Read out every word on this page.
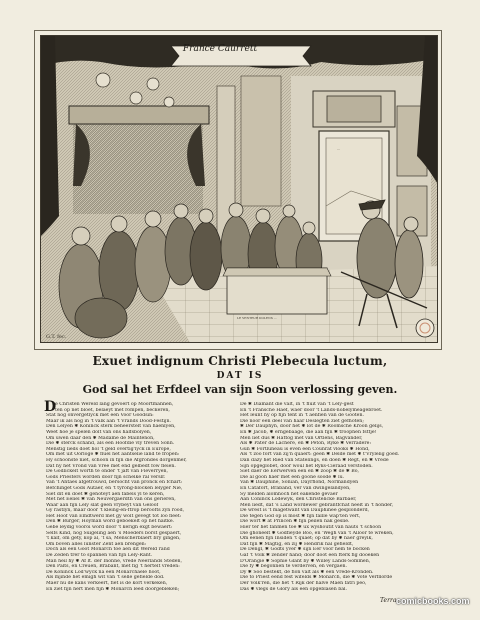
...
LE VENTEUR DOLENS ...
France Caurrett
G.T. fec.
Exuet indignum Christi Plebecula luctum,
DAT IS
God sal het Erfdeel van sijn Soon verlossing geven.
D

e Christen Wereld lang gevoert op Moortmannen,

ten op net bloet, belaeyt met rompen, beckeren,

Stat nog onvergetlyck met een Voor Goodsin:

Maar ik als nog in 't valk aan 't Vrands Dood-Festijn.

Den Lelyen ✱ Koninck sterk beheerstelt van haenlyen,

Weet hoe je spelen dolt van ons halfsbolyen,

Om uwen daar den ✱ Madame de Maintenon,

Die ✱ sterck schand, als een Hoofdie vly treven Sonn.

Menstig lieds doet hol 't geld overtig'lyck in Europe,

Om met uit Oorloge ✱ fluel het aantselie land te fropen:

Hy schoonste niet, schoon in fijn die Afgrondes dorgenmer,

Dat hy het Vrond van Vree met end gelbedt fow fleien.

De Godlickelt worth te onder 't jaft van Fleverryen,

Gods Priesters worden door fijn schelke ral verslr.

Van 't Antaes afgetrouwd, bersocht van pronck en fchart:

Befchinget Gods Autaer, en 't tyrong-blocken lelyger Nie,

Siet dit en doet ✱ gehoteyt aen fabels yl te keren,

Met het Eeliel ✱ van Neuvergaerdth van ons gerieren,

Waar aan fijn Lely slat geen vrybeyt van Geloof

Gy rastlyn, maar door 't kleing-en-ftrop beroofts zyn rood,

Het Hoof van Emdtwerd met gy wolt gevegt tot loo fleet:

Den ✱ Burger, Hoyman word geboekelt op het haitke.

Gebe leydig vooroi word door 't kerigh exgt bewaert:

Selfs Kind, nog Suigeling aen 's Moeders borst gespaert,

't kalf, om gety, kop al, 't sa, Menscherblaert bry gingen,

Om boven alles lunster Zent aen brengen:

Doch als een Goot Monarch toe aen dit Wereld rand

De Zeden trer to spannen van fijn Lely-Rant.

Man heil hy ✱ Af lt. der Inonne, vrede Neerlands Steden,

Den Palts, en Creuen, Brabant, met fig 't hertelt vreden:

De Koninck Lod'wyck na een Monarchaele hoot,

Als mjinde het emigh wit van 't selle gefielde dod.

Maer nu de kans verkeert, fiet is de kort verkeken,

En ziet fijn hert men fijn ✱ Monarch leed doorgebleken;

De ✱ Diamant die valt, in 't fluit van 't Lely-gest

En 't Fransche Haef, waer door 't Lands-nobelymeagebroet.

Het leunt hy op fijn tent in 't aenfien van de Gooten.

Die noor een deel van haar Deslegten ziet gefhoten;

✱ Der Dauphyn, door het ✱ lot de ✱ Roomsche Kroon gelijs,

En ✱ Jacob, ✱ erngebaage, die aan fijn ✱ troophen fsttje!

Men liet dus ✱ Hattog met van Ortlens, Bagvander,

Als ✱ Pater de Lachere, en ✱ Peton, Ryke ✱ Verradere:

Gun ✱ Fortluneau is even een Counrat vlooks ✱ Hond,

Als 't zoo fort van zij'n quaert: geen ✱ Delde met ✱ t'Vrylelig goed.

Dan dazy het Ried van Statelings, en doen ✱ Regt, en ✱ Vrede

Sijn opgeglobet, door woul het Ryks-Cieraad verstoden.

Siet daer de Eerwerven een en ✱ zoop ✱ de ✱ Bo,

Die al goon haer met een goone soode ✱ lu.

Van ✱ Dauphine, Sonian, Dayrflond, Normandyen

En Catafort, Braband, ver van dwingelandyen,

Sy melden alomnoch het eakende gevaer

Aan Coninck Lodewyk, den Christelicke Barbaer,

Men liedt, dat 's Land wordewer gebrantfchat heelt in 't honder,

De wrest is 't magetwant van Dauphinee gesplonderd,

Die tegen God op is most ✱ fijn fallle wap'ten vert,

Die wort ✱ at Princen ✱ fijn peilen nak geslie.

Hier ter het fanmen toe ✱ ux wyshoutit van hauts 't schoon

Die ghoneelt ✱ Godfieyde Boo, en 'Wegh van 't Alloor te wreken,

Om eenen fijn Insiden 't quaet; op dat by ✱ naer greylk,

Dat fijn ✱ Magtig, en zij ✱ Hendrik hal gefieldt,

De Dengl, ✱ Godts yver ✱ sijn Eer voor hem te bocken

Gaf 't Volk ✱ zender hand; door doot een fterk fig dooeken

D'Orangie ✱ Sophie Glant by ✱ Willey Lands-Sommen,

Die fy ✱ begonnen te verderven, en vergaen.

Dy ✱ Soo bestekt, de fion valt als ✱ een Vrede-Kronden.

Die to Priest eend fest wifelds ✱ Monarch, die ✱ Vote Verfllorde

Der Volk'ren, die het 't Rijk der halve Maen fatri peo,

Das ✱ vlegs de Glory als een opgeblasen bal.

Terra comicbooks.com
